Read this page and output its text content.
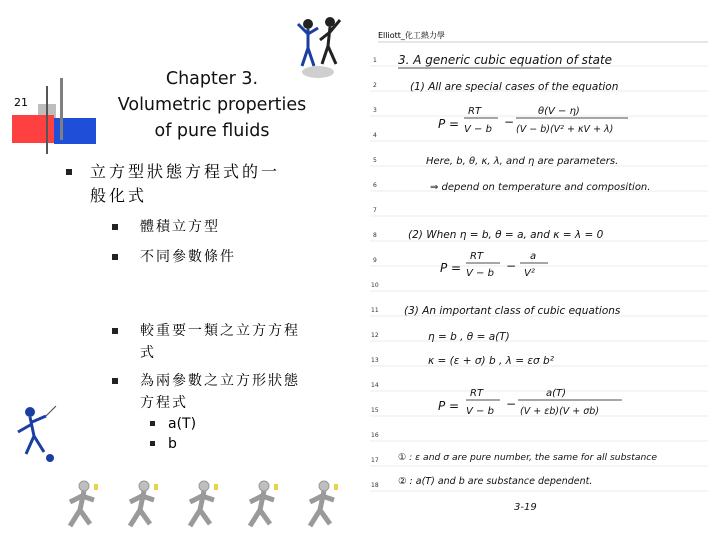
21
Chapter 3.
Volumetric properties
of pure fluids
立方型狀態方程式的一
般化式
體積立方型
不同參數條件
較重要一類之立方方程
式
為兩參數之立方形狀態
方程式
a(T)
b
Elliott_化工熱力學
1
2
3
4
5
6
7
8
9
10
11
12
13
14
15
16
17
18
3. A generic cubic equation of state
(1) All are special cases of the equation
P =
RT
V − b
−
θ(V − η)
(V − b)(V² + κV + λ)
Here, b, θ, κ, λ, and η are parameters.
⇒ depend on temperature and composition.
(2) When η = b, θ = a, and κ = λ = 0
P =
RT
V − b
−
a
V²
(3) An important class of cubic equations
η = b , θ = a(T)
κ = (ε + σ) b , λ = εσ b²
P =
RT
V − b
−
a(T)
(V + εb)(V + σb)
① : ε and σ are pure number, the same for all substance
② : a(T) and b are substance dependent.
3-19
